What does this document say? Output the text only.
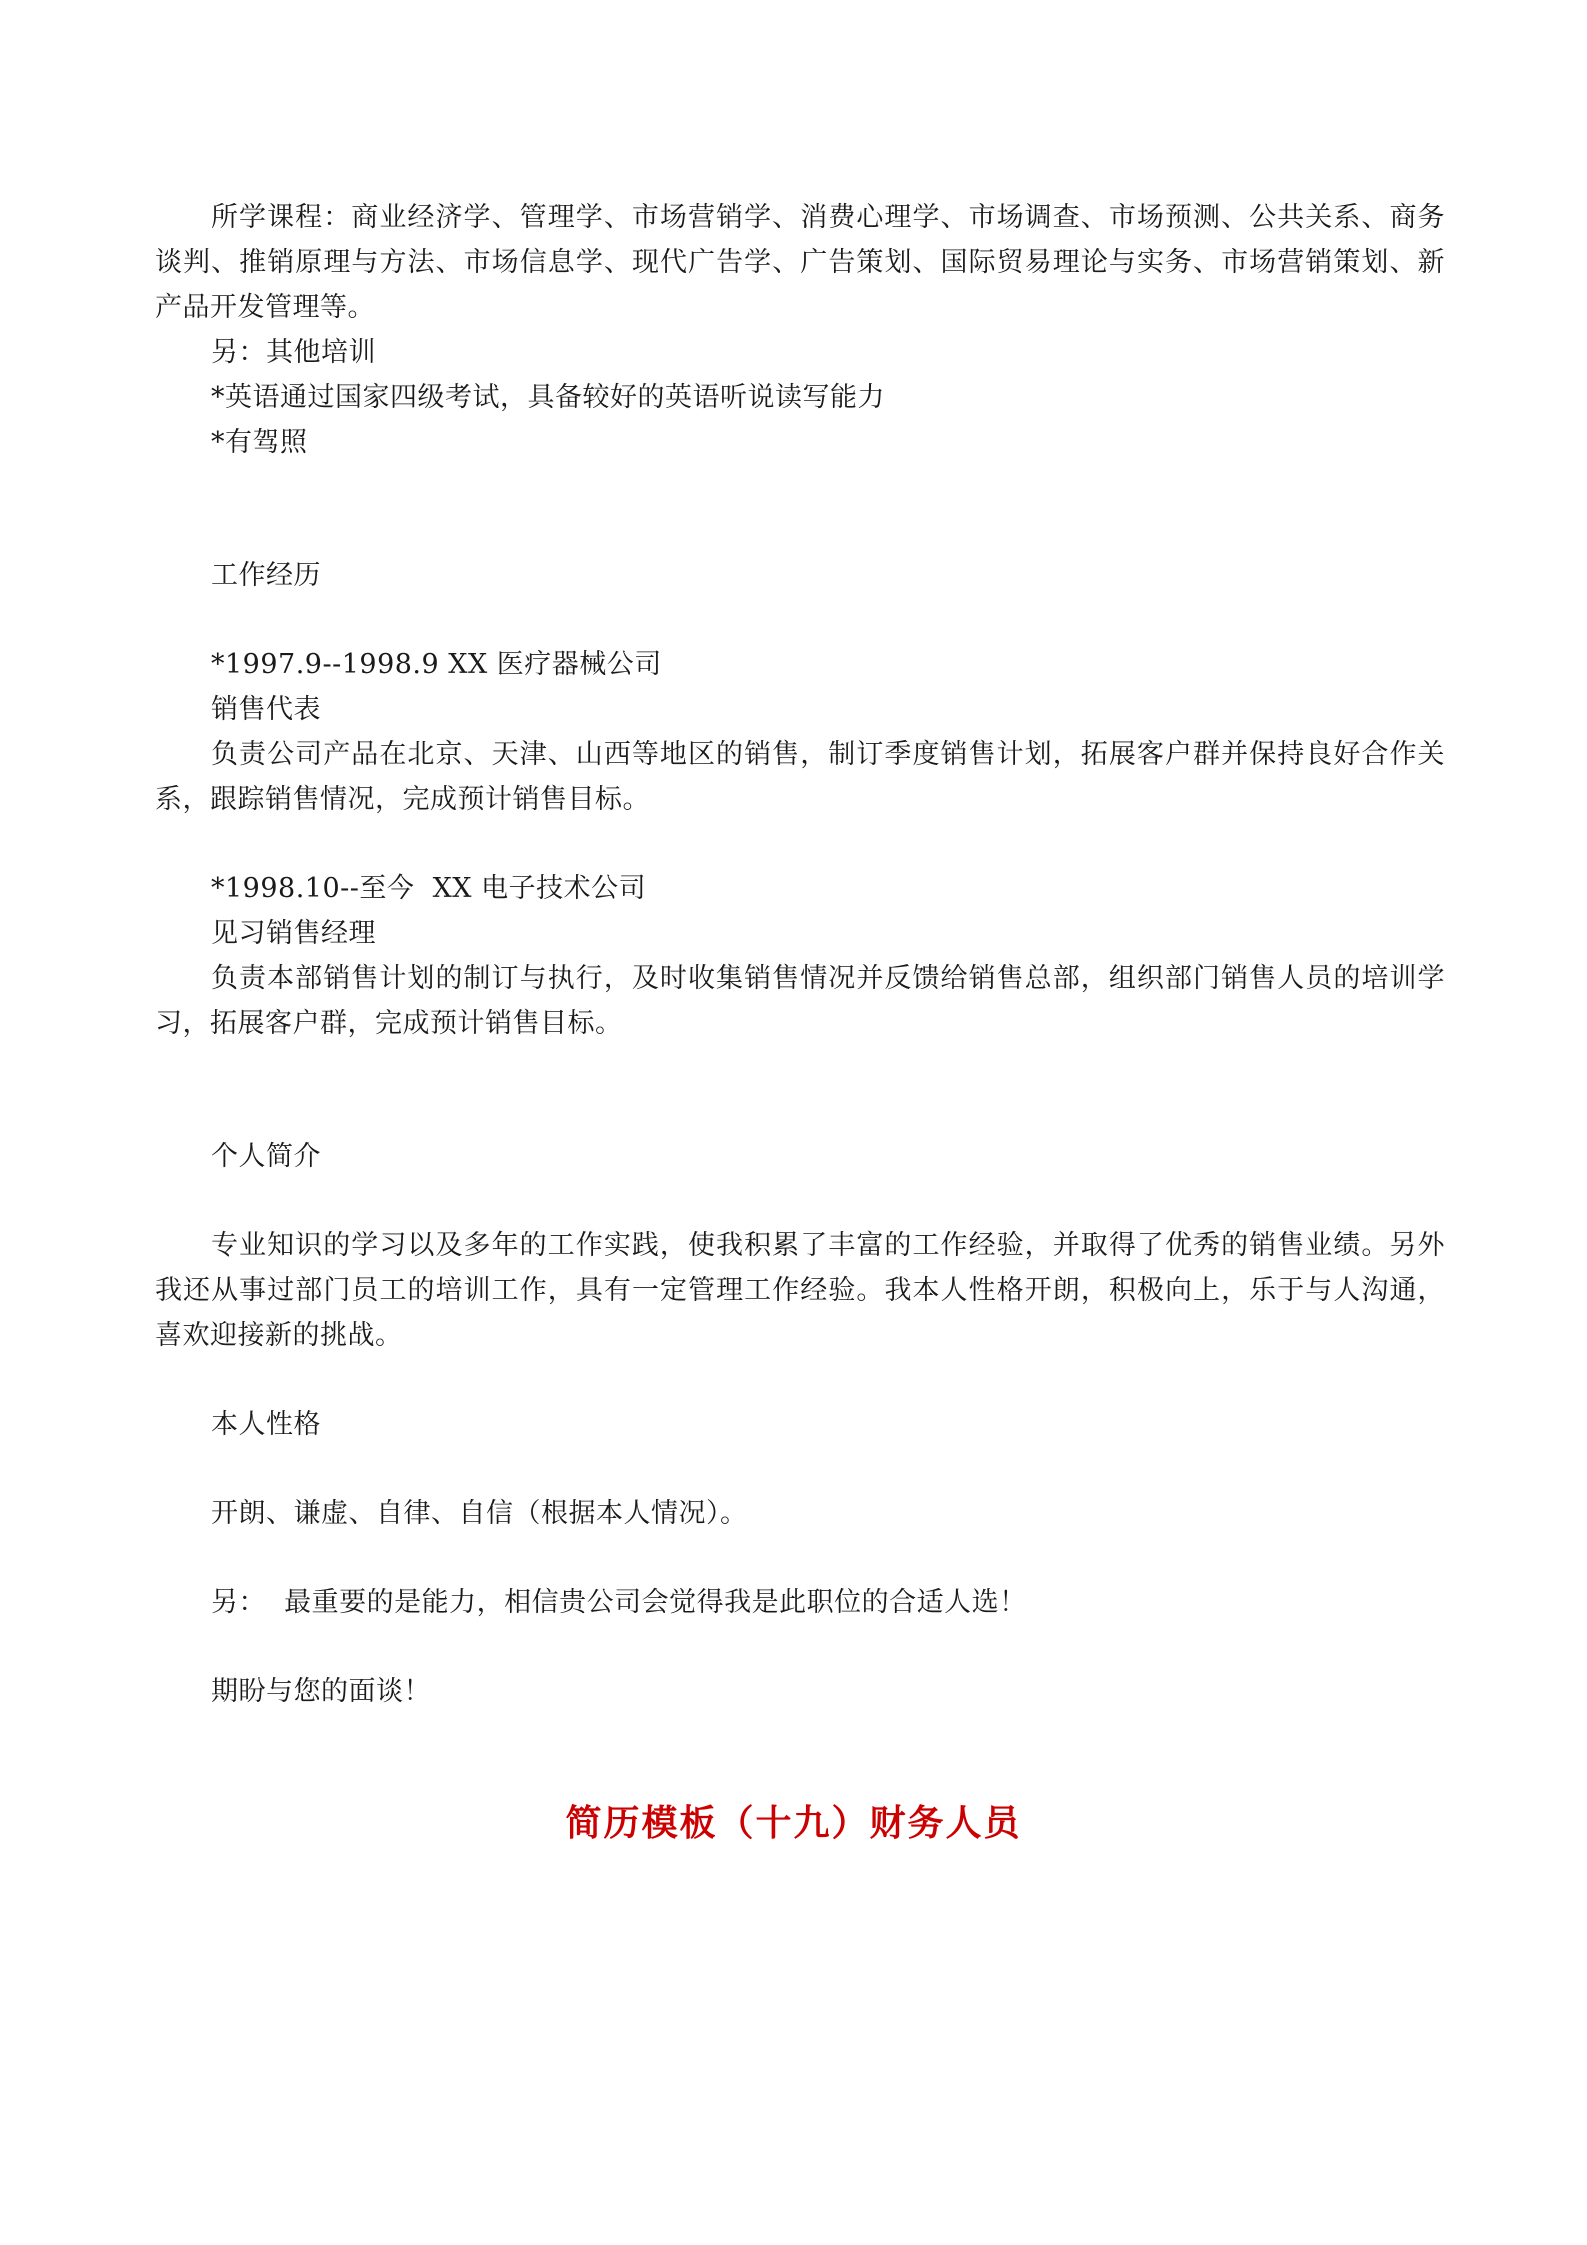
所学课程：商业经济学、管理学、市场营销学、消费心理学、市场调查、市场预测、公共关系、商务谈判、推销原理与方法、市场信息学、现代广告学、广告策划、国际贸易理论与实务、市场营销策划、新产品开发管理等。

另：其他培训

*英语通过国家四级考试，具备较好的英语听说读写能力

*有驾照

工作经历

*1997.9--1998.9 XX 医疗器械公司

销售代表

负责公司产品在北京、天津、山西等地区的销售，制订季度销售计划，拓展客户群并保持良好合作关系，跟踪销售情况，完成预计销售目标。

*1998.10--至今  XX 电子技术公司

见习销售经理

负责本部销售计划的制订与执行，及时收集销售情况并反馈给销售总部，组织部门销售人员的培训学习，拓展客户群，完成预计销售目标。

个人简介

专业知识的学习以及多年的工作实践，使我积累了丰富的工作经验，并取得了优秀的销售业绩。另外我还从事过部门员工的培训工作，具有一定管理工作经验。我本人性格开朗，积极向上，乐于与人沟通，喜欢迎接新的挑战。

本人性格

开朗、谦虚、自律、自信（根据本人情况）。

另：  最重要的是能力，相信贵公司会觉得我是此职位的合适人选！

期盼与您的面谈！

简历模板（十九）财务人员
